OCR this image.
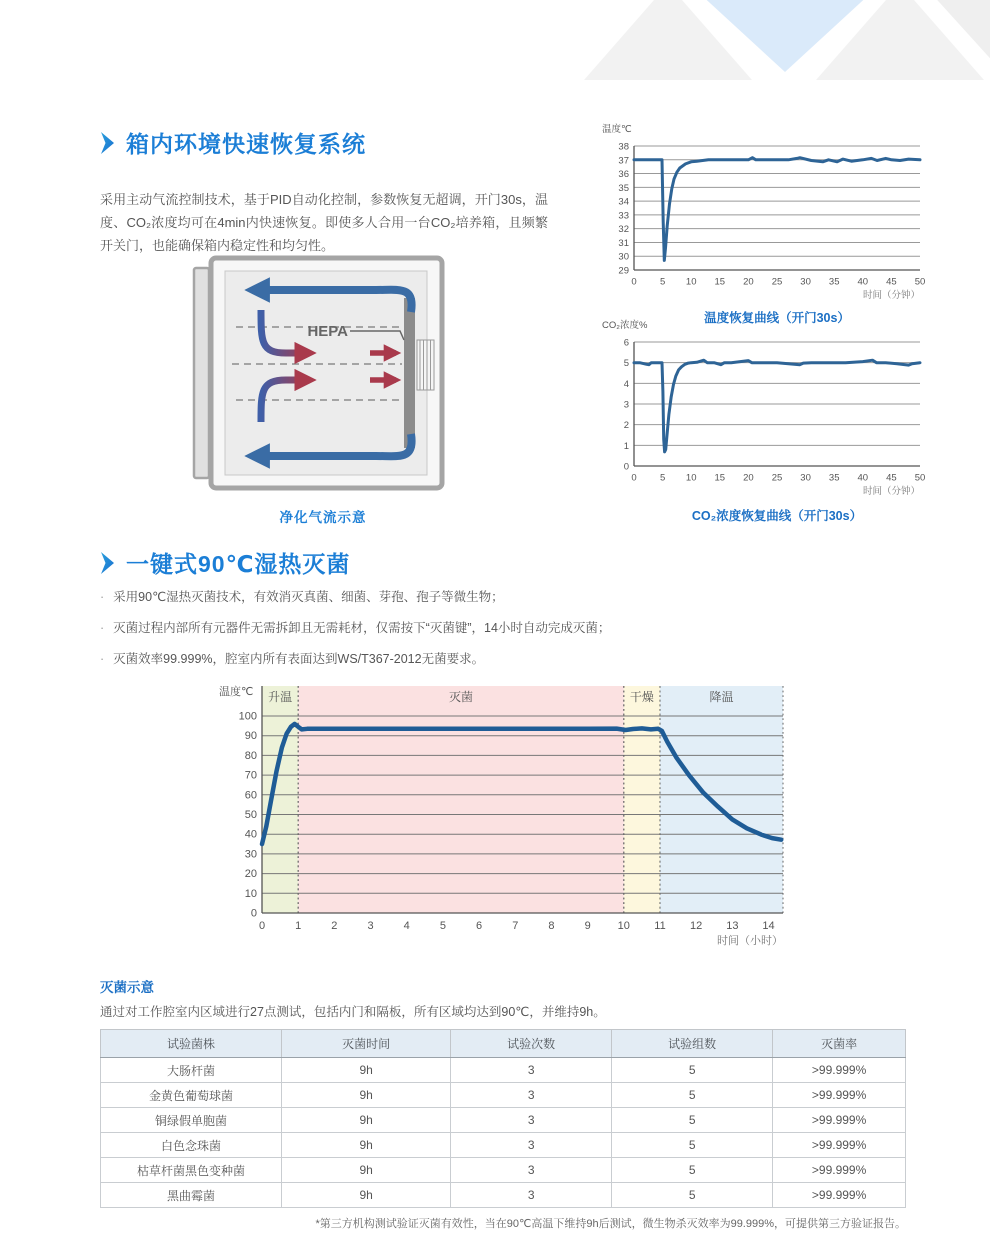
箱内环境快速恢复系统

采用主动气流控制技术，基于PID自动化控制，参数恢复无超调，开门30s，温度、CO₂浓度均可在4min内快速恢复。即使多人合用一台CO₂培养箱，且频繁开关门，也能确保箱内稳定性和均匀性。

HEPA
净化气流示意
29
30
31
32
33
34
35
36
37
38
0 5 10 15 20 25 30 35 40 45 50
温度℃
时间（分钟）
温度恢复曲线（开门30s）
0
1
2
3
4
5
6
0 5 10 15 20 25 30 35 40 45 50
CO₂浓度%
时间（分钟）
CO₂浓度恢复曲线（开门30s）
一键式90℃湿热灭菌
· 采用90℃湿热灭菌技术，有效消灭真菌、细菌、芽孢、孢子等微生物；
· 灭菌过程内部所有元器件无需拆卸且无需耗材，仅需按下“灭菌键”，14小时自动完成灭菌；
· 灭菌效率99.999%，腔室内所有表面达到WS/T367-2012无菌要求。
0
10
20
30
40
50
60
70
80
90
100
升温	灭菌	干燥	降温
0	1	2	3	4	5	6	7	8	9 10 11 12 13 14
温度℃
时间（小时）

灭菌示意

通过对工作腔室内区域进行27点测试，包括内门和隔板，所有区域均达到90℃，并维持9h。

试验菌株	灭菌时间	试验次数	试验组数	灭菌率
大肠杆菌	9h	3	5	>99.999%
金黄色葡萄球菌	9h	3	5	>99.999%
铜绿假单胞菌	9h	3	5	>99.999%
白色念珠菌	9h	3	5	>99.999%
枯草杆菌黑色变种菌	9h	3	5	>99.999%
黑曲霉菌	9h	3	5	>99.999%
*第三方机构测试验证灭菌有效性，当在90℃高温下维持9h后测试，微生物杀灭效率为99.999%，可提供第三方验证报告。
